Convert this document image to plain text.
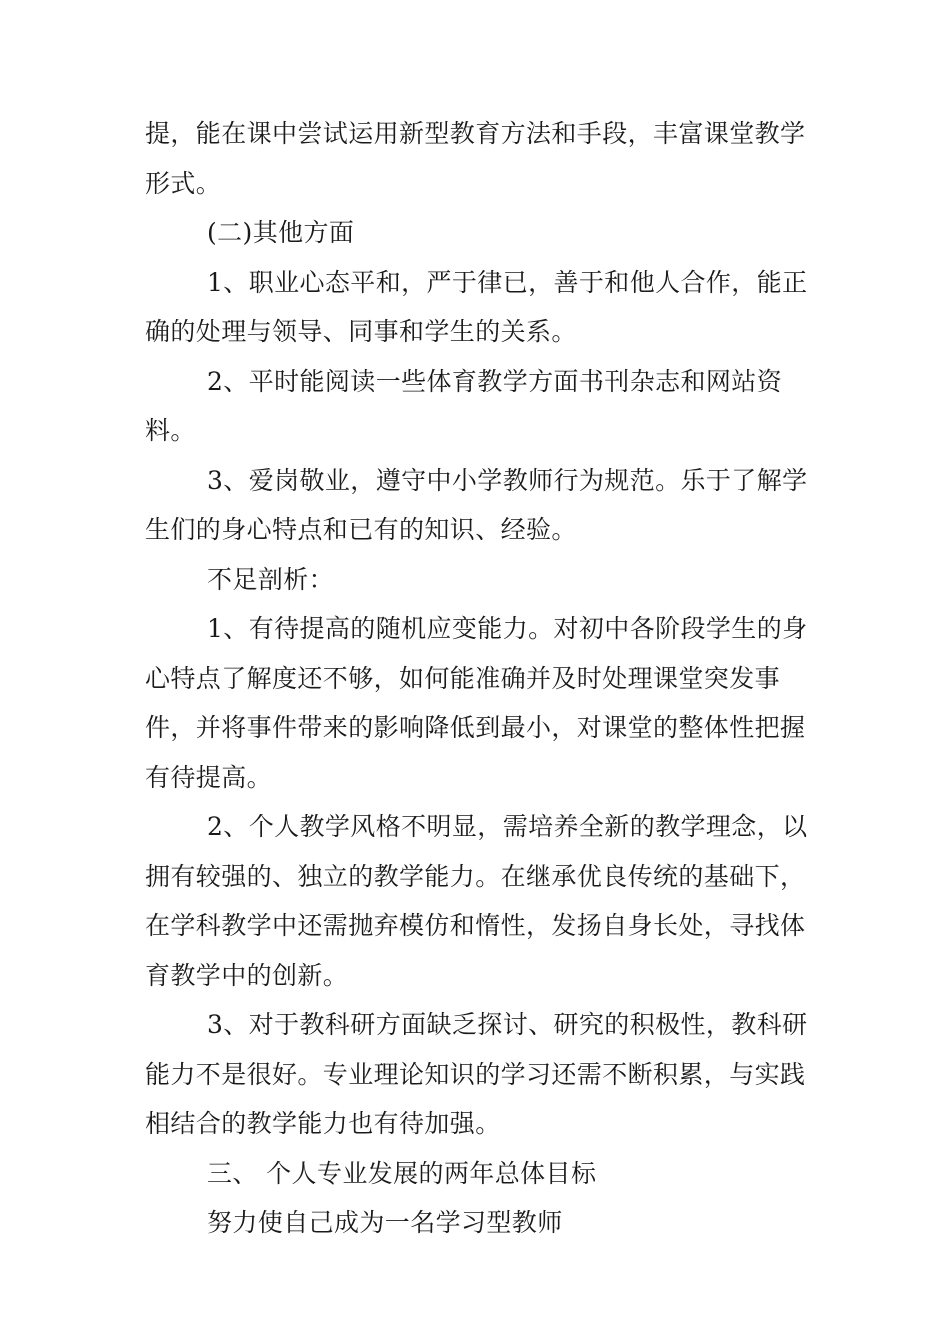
提，能在课中尝试运用新型教育方法和手段，丰富课堂教学形式。

(二)其他方面

1、职业心态平和，严于律已，善于和他人合作，能正确的处理与领导、同事和学生的关系。

2、平时能阅读一些体育教学方面书刊杂志和网站资料。

3、爱岗敬业，遵守中小学教师行为规范。乐于了解学生们的身心特点和已有的知识、经验。

不足剖析：

1、有待提高的随机应变能力。对初中各阶段学生的身心特点了解度还不够，如何能准确并及时处理课堂突发事件，并将事件带来的影响降低到最小，对课堂的整体性把握有待提高。

2、个人教学风格不明显，需培养全新的教学理念，以拥有较强的、独立的教学能力。在继承优良传统的基础下，在学科教学中还需抛弃模仿和惰性，发扬自身长处，寻找体育教学中的创新。

3、对于教科研方面缺乏探讨、研究的积极性，教科研能力不是很好。专业理论知识的学习还需不断积累，与实践相结合的教学能力也有待加强。

三、 个人专业发展的两年总体目标

努力使自己成为一名学习型教师
